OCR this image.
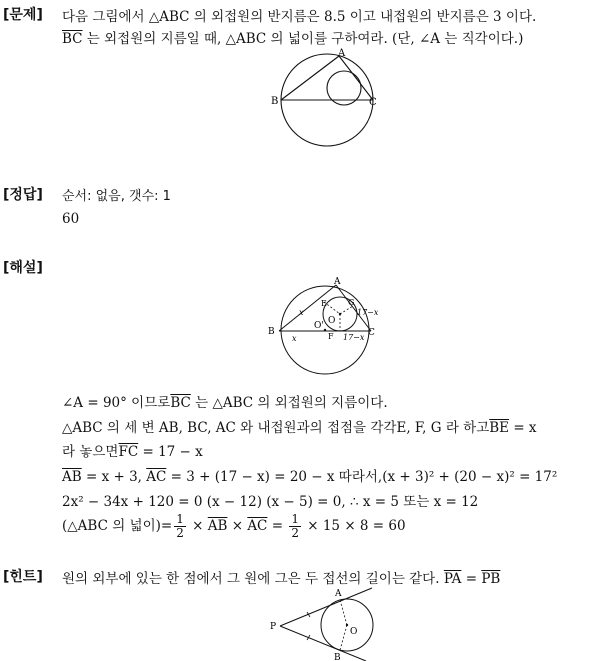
[문제] 다음 그림에서 △ABC 의 외접원의 반지름은 8.5 이고 내접원의 반지름은 3 이다.
$\overline{BC}$ 는 외접원의 지름일 때, △ABC 의 넓이를 구하여라. (단, ∠A 는 직각이다.)
A
B	C
[정답] 순서: 없음, 갯수: 1
60
[해설]
A
B	C
O' O
E
F
G
x	17−x
17−x
x
∠A = 90° 이므로$\overline{BC}$ 는 △ABC 의 외접원의 지름이다.
△ABC 의 세 변 AB, BC, AC 와 내접원과의 접점을 각각E, F, G 라 하고$\overline{BE} = x$
라 놓으면$\overline{FC} = 17 - x$
$\overline{AB} = x + 3$, $\overline{AC} = 3 + (17 - x) = 20 - x$ 따라서,(x + 3)² + (20 − x)² = 17²
2x² − 34x + 120 = 0 (x − 12) (x − 5) = 0, ∴ x = 5 또는 x = 12
(△ABC 의 넓이)= $\frac{1}{2} \times \overline{AB} \times \overline{AC} = \frac{1}{2} \times 15 \times 8 = 60$
[힌트] 원의 외부에 있는 한 점에서 그 원에 그은 두 접선의 길이는 같다. $\overline{PA} = \overline{PB}$
A
P
B
O
